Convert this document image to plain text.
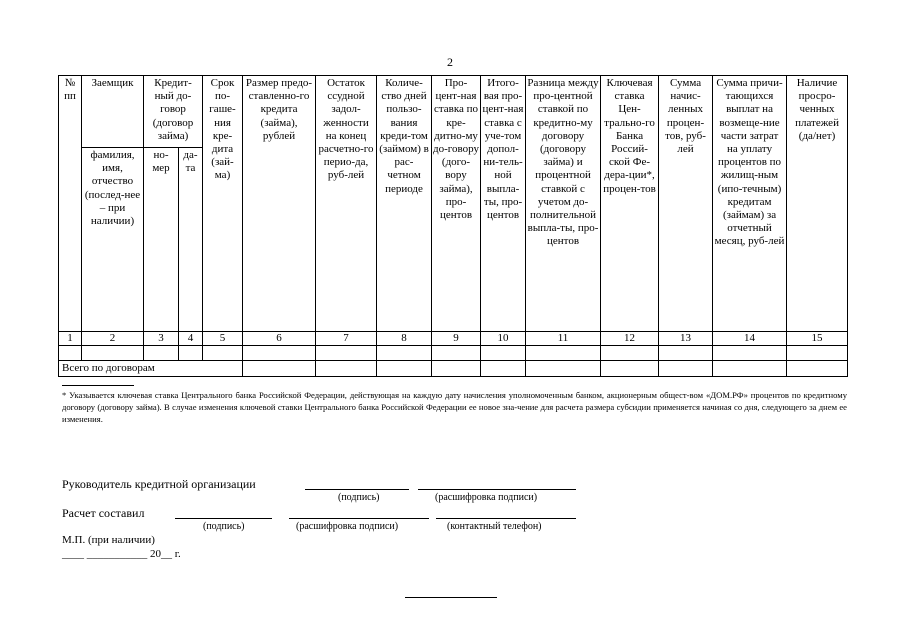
2
№ пп	Заемщик	Кредит-ный до-говор (договор займа)		Срок по-гаше-ния кре-дита (зай-ма)	Размер предо-ставленно-го кредита (займа), рублей	Остаток ссудной задол-женности на конец расчетно-го перио-да, руб-лей	Количе-ство дней пользо-вания креди-том (займом) в рас-четном периоде	Про-цент-ная ставка по кре-дитно-му до-говору (дого-вору займа), про-центов	Итого-вая про-цент-ная ставка с уче-том допол-ни-тель-ной выпла-ты, про-центов	Разница между про-центной ставкой по кредитно-му договору (договору займа) и процентной ставкой с учетом до-полнительной выпла-ты, про-центов	Ключевая ставка Цен-трально-го Банка Россий-ской Фе-дера-ции*, процен-тов	Сумма начис-ленных процен-тов, руб-лей	Сумма причи-тающихся выплат на возмеще-ние части затрат на уплату процентов по жилищ-ным (ипо-течным) кредитам (займам) за отчетный месяц, руб-лей	Наличие просро-ченных платежей (да/нет)
	фамилия, имя, отчество (послед-нее – при наличии)	но-мер	да-та											
1	2	3	4	5	6	7	8	9	10	11	12	13	14	15

Всего по договорам														
* Указывается ключевая ставка Центрального банка Российской Федерации, действующая на каждую дату начисления уполномоченным банком, акционерным общест-вом «ДОМ.РФ» процентов по кредитному договору (договору займа). В случае изменения ключевой ставки Центрального банка Российской Федерации ее новое зна-чение для расчета размера субсидии применяется начиная со дня, следующего за днем ее изменения.
Руководитель кредитной организации
(подпись)	(расшифровка подписи)
Расчет составил
(подпись)	(расшифровка подписи)	(контактный телефон)
М.П. (при наличии)
____ ___________ 20__ г.
